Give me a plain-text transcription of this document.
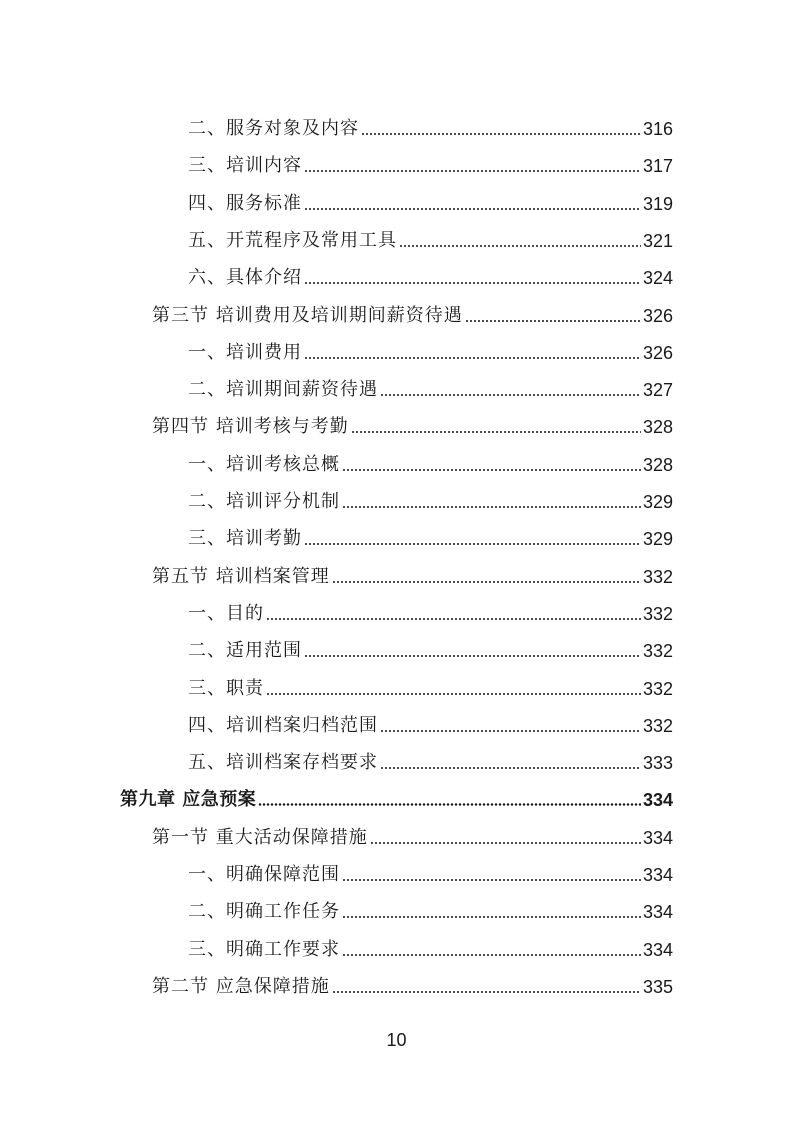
二、服务对象及内容	316
三、培训内容	317
四、服务标准	319
五、开荒程序及常用工具	321
六、具体介绍	324
第三节 培训费用及培训期间薪资待遇	326
一、培训费用	326
二、培训期间薪资待遇	327
第四节 培训考核与考勤	328
一、培训考核总概	328
二、培训评分机制	329
三、培训考勤	329
第五节 培训档案管理	332
一、目的	332
二、适用范围	332
三、职责	332
四、培训档案归档范围	332
五、培训档案存档要求	333
第九章 应急预案	334
第一节 重大活动保障措施	334
一、明确保障范围	334
二、明确工作任务	334
三、明确工作要求	334
第二节 应急保障措施	335
10
